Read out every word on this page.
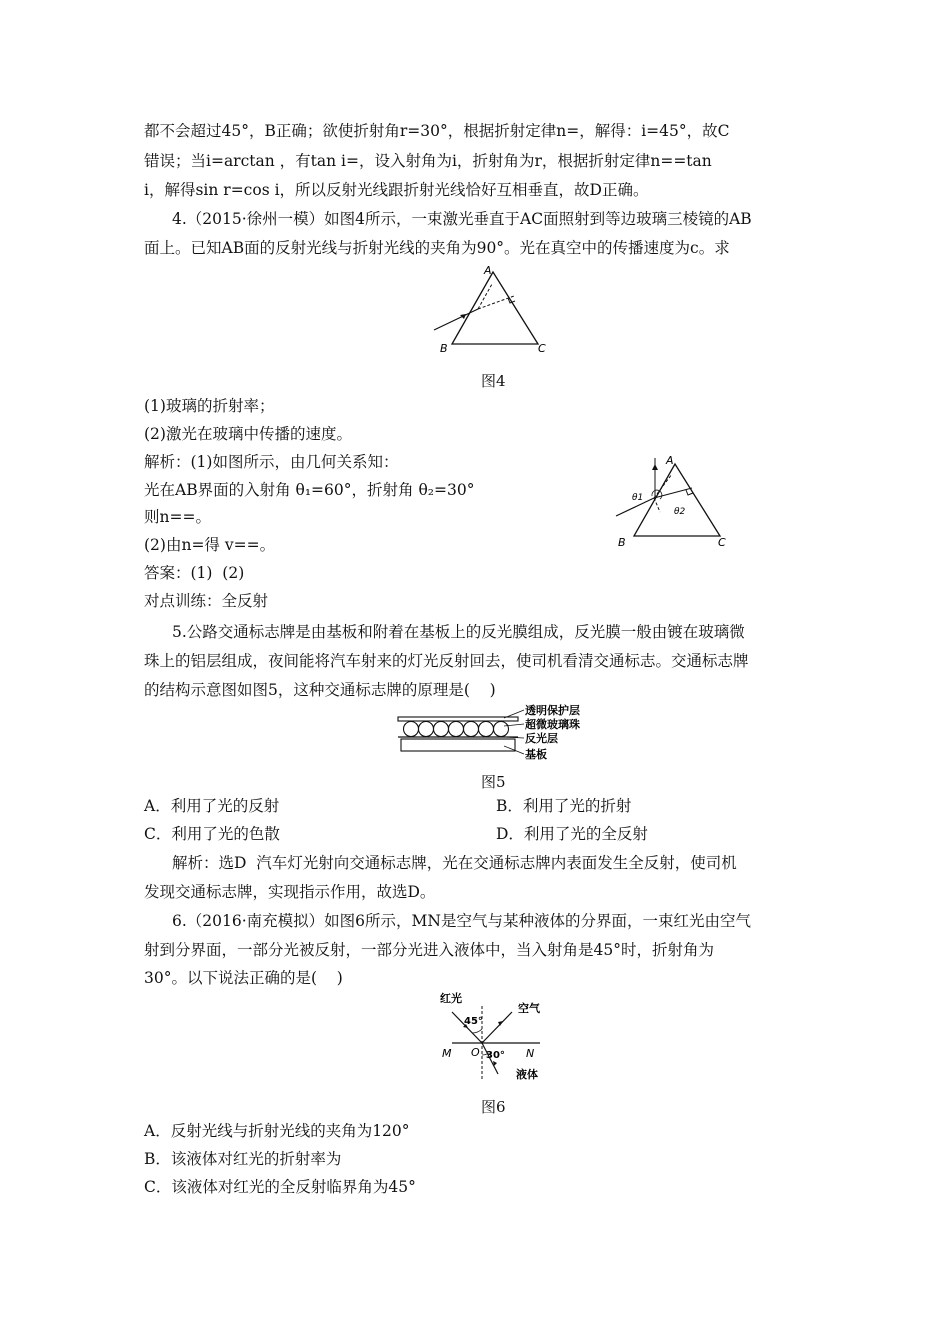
都不会超过45°，B正确；欲使折射角r=30°，根据折射定律n=，解得：i=45°，故C
错误；当i=arctan ，有tan i=，设入射角为i，折射角为r，根据折射定律n==tan
i，解得sin r=cos i，所以反射光线跟折射光线恰好互相垂直，故D正确。
4.（2015·徐州一模）如图4所示，一束激光垂直于AC面照射到等边玻璃三棱镜的AB
面上。已知AB面的反射光线与折射光线的夹角为90°。光在真空中的传播速度为c。求
A
B	C
图4
(1)玻璃的折射率；
(2)激光在玻璃中传播的速度。
解析：(1)如图所示，由几何关系知：
光在AB界面的入射角 θ₁=60°，折射角 θ₂=30°
则n==。
(2)由n=得 v==。
答案：(1)  (2)
对点训练：全反射
A
B	C
θ1
θ2
5.公路交通标志牌是由基板和附着在基板上的反光膜组成，反光膜一般由镀在玻璃微
珠上的铝层组成，夜间能将汽车射来的灯光反射回去，使司机看清交通标志。交通标志牌
的结构示意图如图5，这种交通标志牌的原理是(    )
透明保护层
超微玻璃珠
反光层
基板
图5
A．利用了光的反射	B．利用了光的折射
C．利用了光的色散	D．利用了光的全反射
解析：选D  汽车灯光射向交通标志牌，光在交通标志牌内表面发生全反射，使司机
发现交通标志牌，实现指示作用，故选D。
6.（2016·南充模拟）如图6所示，MN是空气与某种液体的分界面，一束红光由空气
射到分界面，一部分光被反射，一部分光进入液体中，当入射角是45°时，折射角为
30°。以下说法正确的是(    )
红光
空气
液体
45°
30°
M O	N
图6
A．反射光线与折射光线的夹角为120°
B．该液体对红光的折射率为
C．该液体对红光的全反射临界角为45°
